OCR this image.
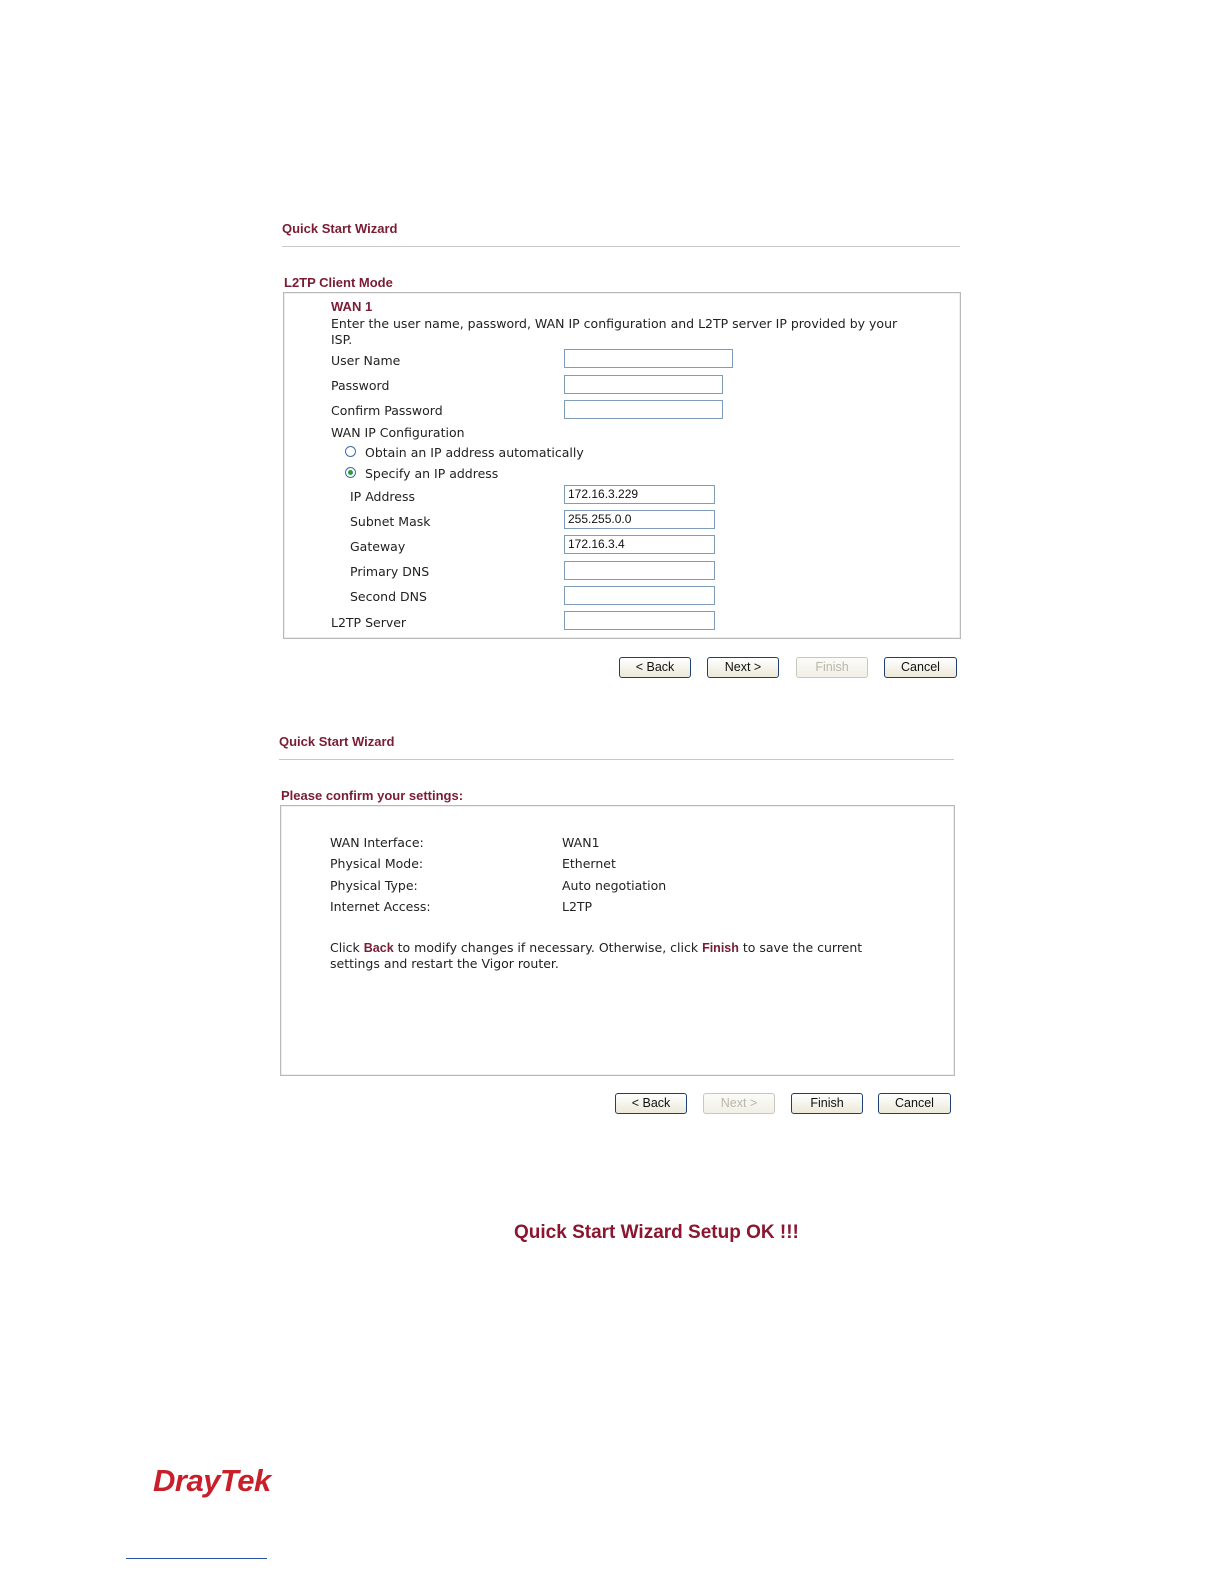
Quick Start Wizard
L2TP Client Mode
WAN 1
Enter the user name, password, WAN IP configuration and L2TP server IP provided by your ISP.
User Name
Password
Confirm Password
WAN IP Configuration
Obtain an IP address automatically
Specify an IP address
IP Address	172.16.3.229
Subnet Mask	255.255.0.0
Gateway	172.16.3.4
Primary DNS
Second DNS
L2TP Server
< Back	Next >	Finish	Cancel
Quick Start Wizard
Please confirm your settings:
WAN Interface:	WAN1
Physical Mode:	Ethernet
Physical Type:	Auto negotiation
Internet Access:	L2TP
Click Back to modify changes if necessary. Otherwise, click Finish to save the current settings and restart the Vigor router.
< Back	Next >	Finish	Cancel
Quick Start Wizard Setup OK !!!
DrayTek
